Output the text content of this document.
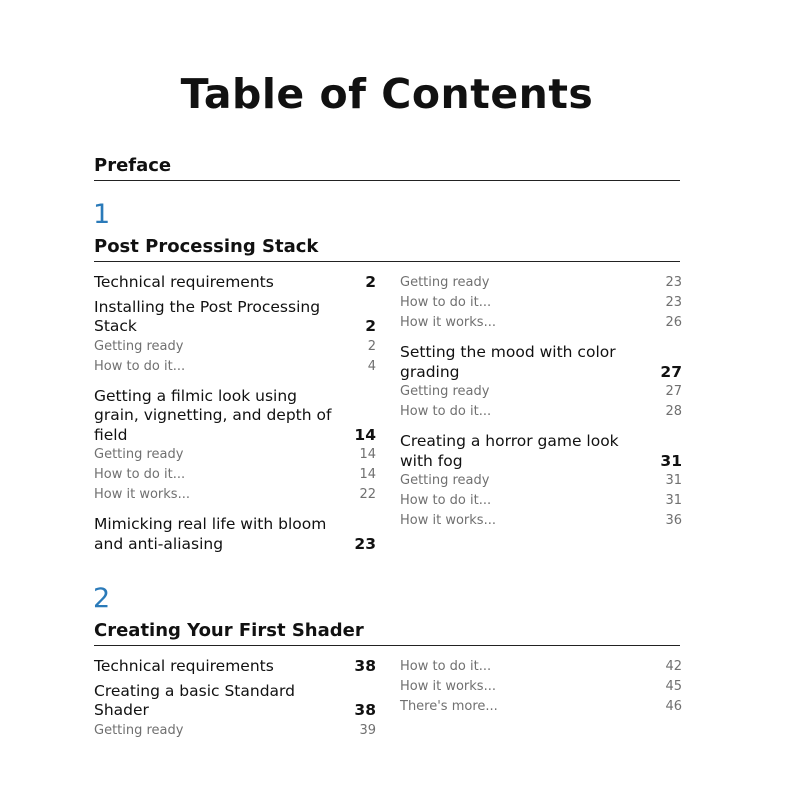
Table of Contents
Preface
1
Post Processing Stack
Technical requirements	2
Installing the Post Processing Stack	2
Getting ready	2
How to do it...	4
Getting a filmic look using grain, vignetting, and depth of field	14
Getting ready	14
How to do it...	14
How it works...	22
Mimicking real life with bloom and anti-aliasing	23
Getting ready	23
How to do it...	23
How it works...	26
Setting the mood with color grading	27
Getting ready	27
How to do it...	28
Creating a horror game look with fog	31
Getting ready	31
How to do it...	31
How it works...	36
2
Creating Your First Shader
Technical requirements	38
Creating a basic Standard Shader	38
Getting ready	39
How to do it...	42
How it works...	45
There's more...	46
